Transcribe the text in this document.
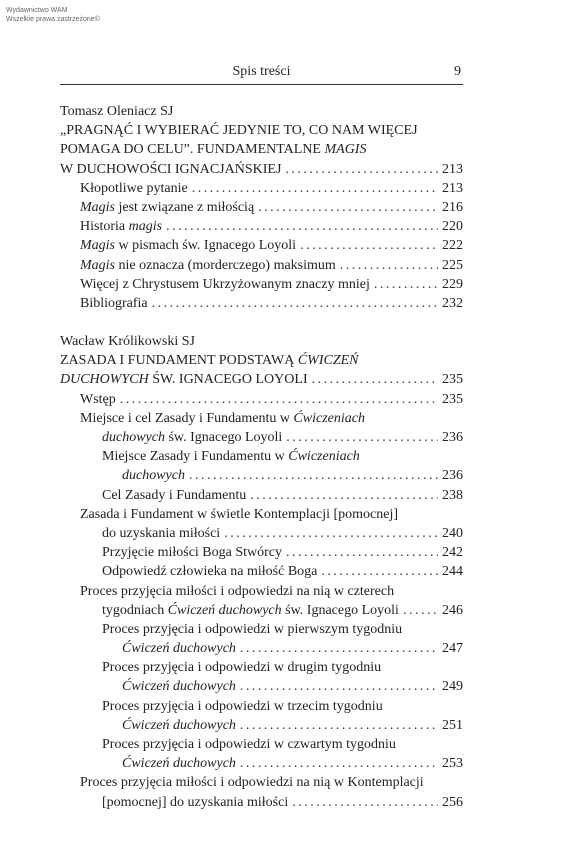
Wydawnictwo WAM
Wszelkie prawa zastrzeżone©
Spis treści	9
Tomasz Oleniacz SJ
„PRAGNĄĆ I WYBIERAĆ JEDYNIE TO, CO NAM WIĘCEJ
POMAGA DO CELU”. FUNDAMENTALNE MAGIS
W DUCHOWOŚCI IGNACJAŃSKIEJ . . .	213
Kłopotliwe pytanie . . .	213
Magis jest związane z miłością . . .	216
Historia magis . . .	220
Magis w pismach św. Ignacego Loyoli . . .	222
Magis nie oznacza (morderczego) maksimum . . .	225
Więcej z Chrystusem Ukrzyżowanym znaczy mniej . . .	229
Bibliografia . . .	232
Wacław Królikowski SJ
ZASADA I FUNDAMENT PODSTAWĄ ĆWICZEŃ
DUCHOWYCH ŚW. IGNACEGO LOYOLI . . .	235
Wstęp . . .	235
Miejsce i cel Zasady i Fundamentu w Ćwiczeniach
duchowych św. Ignacego Loyoli . . .	236
Miejsce Zasady i Fundamentu w Ćwiczeniach
duchowych . . .	236
Cel Zasady i Fundamentu . . .	238
Zasada i Fundament w świetle Kontemplacji [pomocnej]
do uzyskania miłości . . .	240
Przyjęcie miłości Boga Stwórcy . . .	242
Odpowiedź człowieka na miłość Boga . . .	244
Proces przyjęcia miłości i odpowiedzi na nią w czterech
tygodniach Ćwiczeń duchowych św. Ignacego Loyoli . . .	246
Proces przyjęcia i odpowiedzi w pierwszym tygodniu
Ćwiczeń duchowych . . .	247
Proces przyjęcia i odpowiedzi w drugim tygodniu
Ćwiczeń duchowych . . .	249
Proces przyjęcia i odpowiedzi w trzecim tygodniu
Ćwiczeń duchowych . . .	251
Proces przyjęcia i odpowiedzi w czwartym tygodniu
Ćwiczeń duchowych . . .	253
Proces przyjęcia miłości i odpowiedzi na nią w Kontemplacji
[pomocnej] do uzyskania miłości . . .	256
